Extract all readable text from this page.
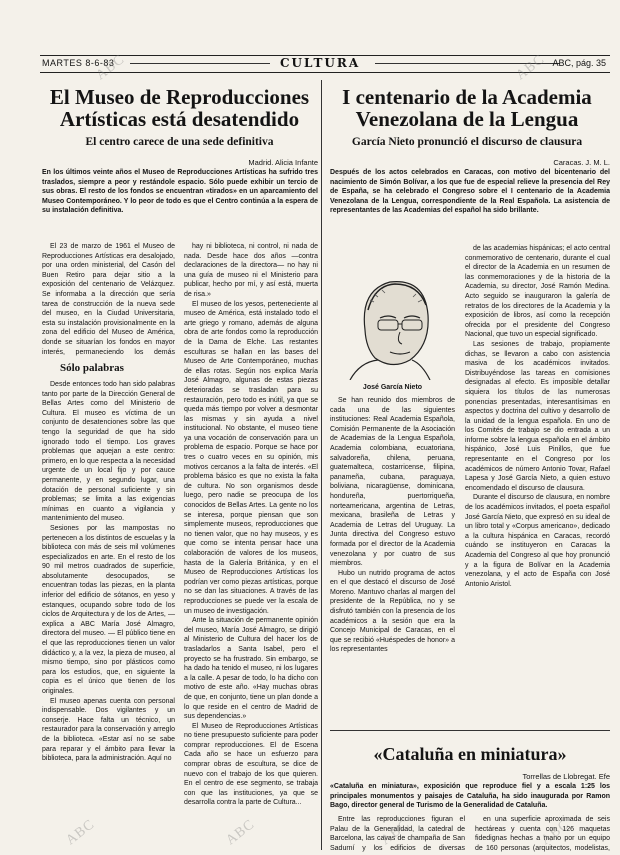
MARTES 8-6-83	CULTURA	ABC, pág. 35
El Museo de Reproducciones Artísticas está desatendido
El centro carece de una sede definitiva
Madrid. Alicia Infante
En los últimos veinte años el Museo de Reproducciones Artísticas ha sufrido tres traslados, siempre a peor y restándole espacio. Sólo puede exhibir un tercio de sus obras. El resto de los fondos se encuentran «tirados» en un aparcamiento del Museo Contemporáneo. Y lo peor de todo es que el Centro continúa a la espera de su instalación definitiva.

El 23 de marzo de 1961 el Museo de Reproducciones Artísticas era desalojado, por una orden ministerial, del Casón del Buen Retiro para dejar sitio a la exposición del centenario de Velázquez. Se informaba a la dirección que sería tarea de construcción de la nueva sede del museo, en la Ciudad Universitaria, esta su instalación provisionalmente en la zona del edificio del Museo de América, donde se situarían los fondos en mayor interés, permaneciendo los demás

Sólo palabras

Desde entonces todo han sido palabras tanto por parte de la Dirección General de Bellas Artes como del Ministerio de Cultura. El museo es víctima de un conjunto de desatenciones sobre las que tengo la seguridad de que ha sido ignorado todo el tiempo. Los graves problemas que aquejan a este centro: primero, en lo que respecta a la necesidad urgente de un local fijo y por cauce permanente, y en segundo lugar, una dotación de personal suficiente y sin problemas; se limita a las exigencias mínimas en cuanto a vigilancia y mantenimiento del museo.

Sesiones por las mampostas no pertenecen a los distintos de escuelas y la biblioteca con más de seis mil volúmenes especializados en arte. En el resto de los 90 mil metros cuadrados de superficie, absolutamente desocupados, se encuentran todas las piezas, en la planta inferior del edificio de sótanos, en yeso y estanques, ocupando sobre todo de los ciclos de Arquitectura y de los de Artes, — explica a ABC María José Almagro, directora del museo. — El público tiene en el que las reproducciones tienen un valor didáctico y, a la vez, la pieza de museo, al mismo tiempo, sino por plásticos como para los estudios, que, en siguiente la copia es el único que tienen de los originales.

El museo apenas cuenta con personal indispensable. Dos vigilantes y un conserje. Hace falta un técnico, un restaurador para la conservación y arreglo de la biblioteca. «Estar así no se sabe para reparar y el ámbito para llevar la biblioteca, para la administración. Aquí no

hay ni biblioteca, ni control, ni nada de nada. Desde hace dos años —contra declaraciones de la directora— no hay ni una guía de museo ni el Ministerio para publicar, hecho por mí, y así está, muerta de risa.»

El museo de los yesos, perteneciente al museo de América, está instalado todo el arte griego y romano, además de alguna obra de arte fondos como la reproducción de la Dama de Elche. Las restantes esculturas se hallan en las bases del Museo de Arte Contemporáneo, muchas de ellas rotas. Según nos explica María José Almagro, algunas de estas piezas deterioradas se trasladan para su restauración, pero todo es inútil, ya que se queda más tiempo por volver a desmontar las mismas y sin ayuda a nivel institucional. No obstante, el museo tiene ya una vocación de conservación para un problema de espacio. Porque se hace por tres o cuatro veces en su opinión, mis motivos cercanos a la falta de interés. «El problema básico es que no exista la falta de cultura. No son organismos desde luego, pero nadie se preocupa de los conocidos de Bellas Artes. La gente no los se interesa, porque piensan que son simplemente museos, reproducciones que no tienen valor, que no hay museos, y es que como se intenta pensar hace una colaboración de valores de los museos, hasta de la Galería Británica, y en el Museo de Reproducciones Artísticas los podrían ver como piezas artísticas, porque no se dan las situaciones. A través de las reproducciones se puede ver la escala de un museo de investigación.

Ante la situación de permanente opinión del museo, María José Almagro, se dirigió al Ministerio de Cultura del hacer los de trasladarlos a Santa Isabel, pero el proyecto se ha frustrado. Sin embargo, se ha dado ha tenido el museo, ni los lugares a la calle. A pesar de todo, lo ha dicho con motivo de este año. «Hay muchas obras de que, en conjunto, tiene un plan donde a lo que reside en el centro de Madrid de sus dependencias.»

El Museo de Reproducciones Artísticas no tiene presupuesto suficiente para poder comprar reproducciones. El de Escena Cada año se hace un esfuerzo para comprar obras de escultura, se dice de nuevo con el trabajo de los que quieren. En el centro de ese segmento, se trabaja con que las instituciones, ya que se desarrolla contra la parte de Cultura...

I centenario de la Academia Venezolana de la Lengua
García Nieto pronunció el discurso de clausura
Caracas. J. M. L.
Después de los actos celebrados en Caracas, con motivo del bicentenario del nacimiento de Simón Bolívar, a los que fue de especial relieve la presencia del Rey de España, se ha celebrado el Congreso sobre el I centenario de la Academia Venezolana de la Lengua, correspondiente de la Real Española. La asistencia de representantes de las Academias del español ha sido brillante.
José García Nieto

Se han reunido dos miembros de cada una de las siguientes instituciones: Real Academia Española, Comisión Permanente de la Asociación de Academias de la Lengua Española, Academia colombiana, ecuatoriana, salvadoreña, chilena, peruana, guatemalteca, costarricense, filipina, panameña, cubana, paraguaya, boliviana, nicaragüense, dominicana, hondureña, puertorriqueña, norteamericana, argentina de Letras, mexicana, brasileña de Letras y Academia de Letras del Uruguay. La Junta directiva del Congreso estuvo formada por el director de la Academia venezolana y por cuatro de sus miembros.

Hubo un nutrido programa de actos en el que destacó el discurso de José Moreno. Mantuvo charlas al margen del presidente de la República, no y se disfrutó también con la presencia de los académicos a la sesión que era la Concejo Municipal de Caracas, en el que se recibió «Huéspedes de honor» a los representantes

de las academias hispánicas; el acto central conmemorativo de centenario, durante el cual el director de la Academia en un resumen de las conmemoraciones y de la historia de la Academia, su director, José Ramón Medina. Acto seguido se inauguraron la galería de retratos de los directores de la Academia y la exposición de libros, así como la recepción ofrecida por el presidente del Congreso Nacional, que tuvo un especial significado.

Las sesiones de trabajo, propiamente dichas, se llevaron a cabo con asistencia masiva de los académicos invitados. Distribuyéndose las tareas en comisiones designadas al efecto. Es imposible detallar siquiera los títulos de las numerosas ponencias presentadas, interesantísimas en aspectos y doctrina del cultivo y desarrollo de la unidad de la lengua española. En uno de los Comités de trabajo se dio entrada a un informe sobre la lengua española en el ámbito hispánico, José Luis Pinillos, que fue representante en el Congreso por los académicos de número Antonio Tovar, Rafael Lapesa y José García Nieto, a quien estuvo encomendado el discurso de clausura.

Durante el discurso de clausura, en nombre de los académicos invitados, el poeta español José García Nieto, que expresó en su ideal de un libro total y «Corpus americano», dedicado a la cultura hispánica en Caracas, recordó cuándo se instituyeron en Caracas la Academia del Congreso al que hoy pronunció y a la figura de Bolívar en la Academia venezolana, y el acto de España con José Antonio Aristol.

«Cataluña en miniatura»
Torrellas de Llobregat. Efe
«Cataluña en miniatura», exposición que reproduce fiel y a escala 1:25 los principales monumentos y paisajes de Cataluña, ha sido inaugurada por Ramon Bago, director general de Turismo de la Generalidad de Cataluña.

Entre las reproducciones figuran el Palau de la Generalidad, la catedral de Barcelona, las cavas de champaña de San Sadurní y los edificios de diversas

en una superficie aproximada de seis hectáreas y cuenta con 126 maquetas fidedignas hechas a mano por un equipo de 160 personas (arquitectos, modelistas,

ABC	ABC
ABC	ABC	ABC	ABC
